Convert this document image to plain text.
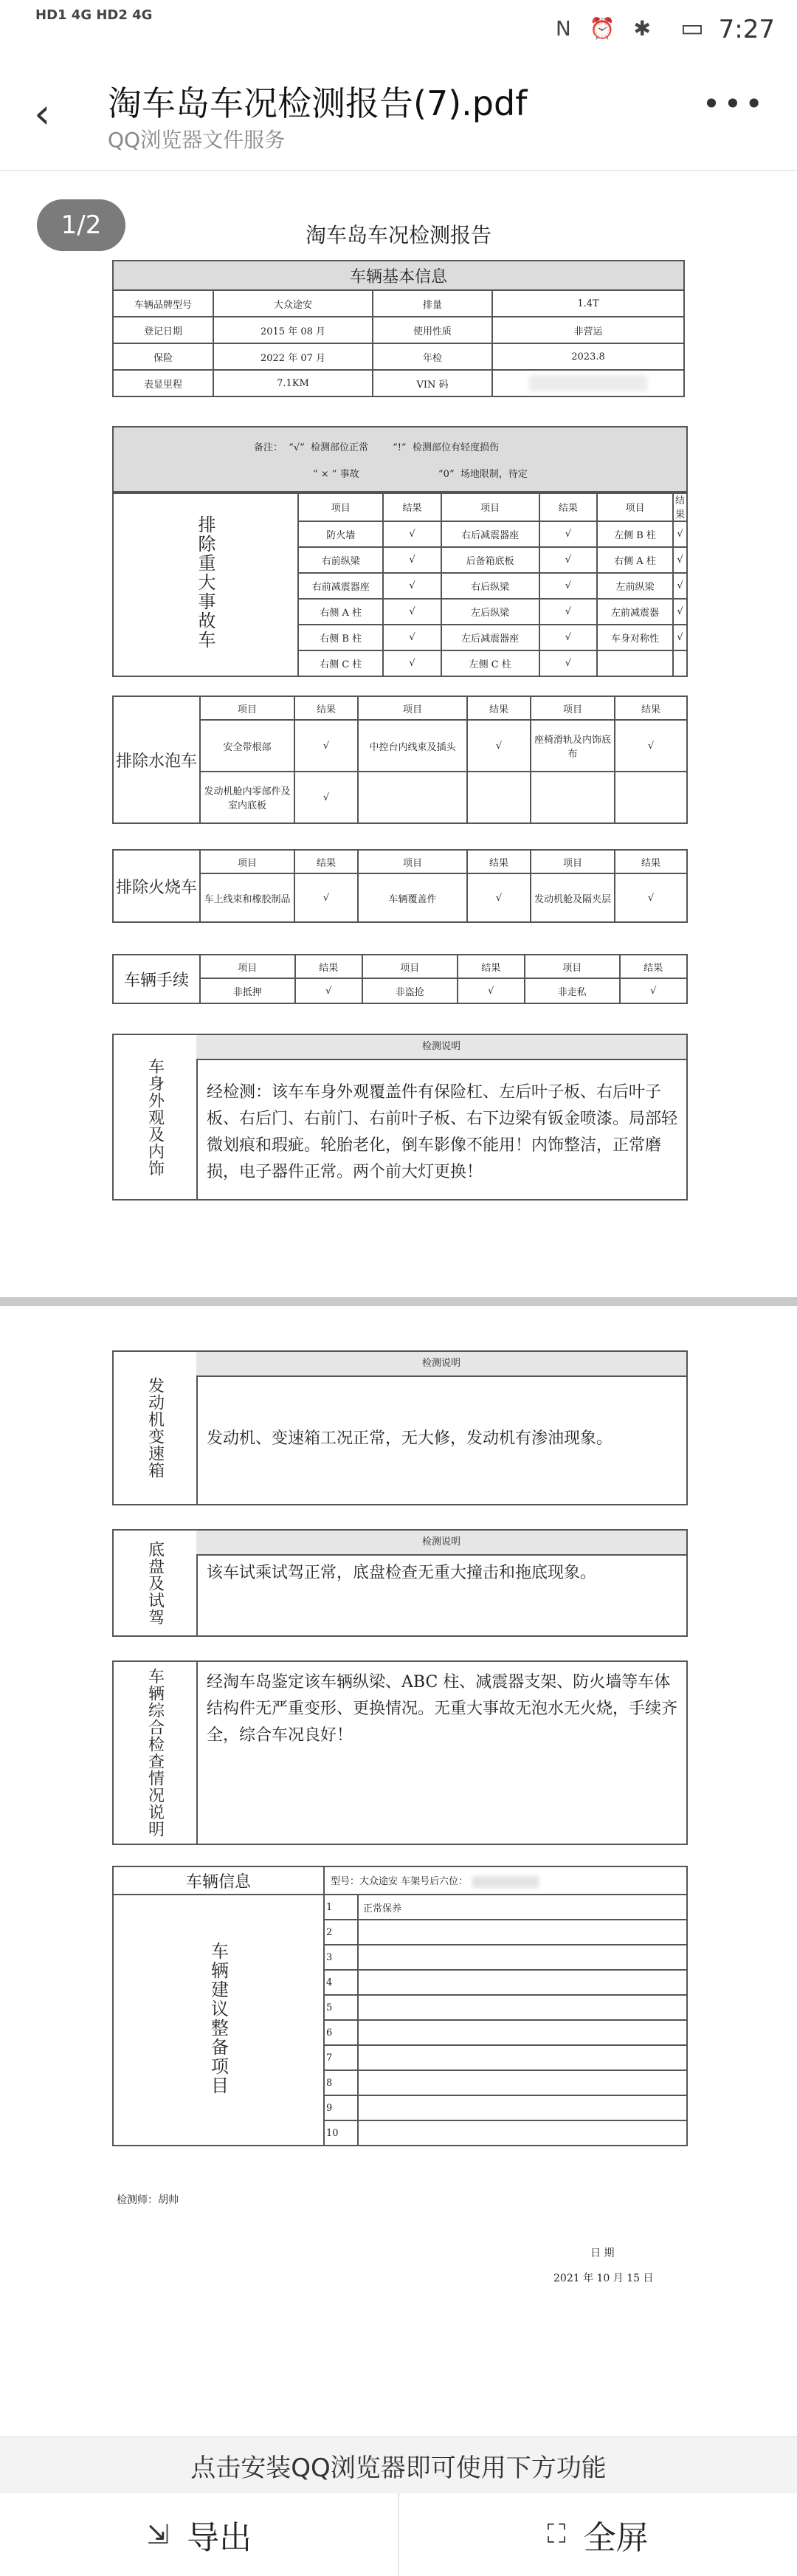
HD1 4G HD2 4G
N ⏰ ✱ ▭ 7:27
‹ 淘车岛车况检测报告(7).pdf
QQ浏览器文件服务
•••
1/2	淘车岛车况检测报告
车辆基本信息			
车辆品牌型号	大众途安	排量	1.4T
登记日期	2015 年 08 月	使用性质	非营运
保险	2022 年 07 月	年检	2023.8
表显里程	7.1KM	VIN 码	
备注：  “√”  检测部位正常        “!”  检测部位有轻度损伤
“ × ” 事故                          “0”  场地限制，待定
排除重大事故车	项目	结果	项目	结果	项目	结果
	防火墙	√	右后减震器座	√	左侧 B 柱	√
	右前纵梁	√	后备箱底板	√	右侧 A 柱	√
	右前减震器座	√	右后纵梁	√	左前纵梁	√
	右侧 A 柱	√	左后纵梁	√	左前减震器	√
	右侧 B 柱	√	左后减震器座	√	车身对称性	√
	右侧 C 柱	√	左侧 C 柱	√		
排除水泡车	项目	结果	项目	结果	项目	结果
	安全带根部	√	中控台内线束及插头	√	座椅滑轨及内饰底布	√
	发动机舱内零部件及室内底板	√				
排除火烧车	项目	结果	项目	结果	项目	结果
	车上线束和橡胶制品	√	车辆覆盖件	√	发动机舱及隔夹层	√
车辆手续	项目	结果	项目	结果	项目	结果
	非抵押	√	非盗抢	√	非走私	√
车身外观及内饰
检测说明
经检测：该车车身外观覆盖件有保险杠、左后叶子板、右后叶子板、右后门、右前门、右前叶子板、右下边梁有钣金喷漆。局部轻微划痕和瑕疵。轮胎老化，倒车影像不能用！内饰整洁，正常磨损，电子器件正常。两个前大灯更换！
发动机变速箱
检测说明
发动机、变速箱工况正常，无大修，发动机有渗油现象。
底盘及试驾	检测说明
该车试乘试驾正常，底盘检查无重大撞击和拖底现象。
车辆综合检查情况说明	经淘车岛鉴定该车辆纵梁、ABC 柱、减震器支架、防火墙等车体结构件无严重变形、更换情况。无重大事故无泡水无火烧，手续齐全，综合车况良好！
车辆信息	型号：大众途安 车架号后六位：	
车辆建议整备项目	1	正常保养
	2	
	3	
	4	
	5	
	6	
	7	
	8	
	9	
	10	
检测师：胡帅
日 期
2021 年 10 月 15 日
点击安装QQ浏览器即可使用下方功能
⇲ 导出	⛶ 全屏
